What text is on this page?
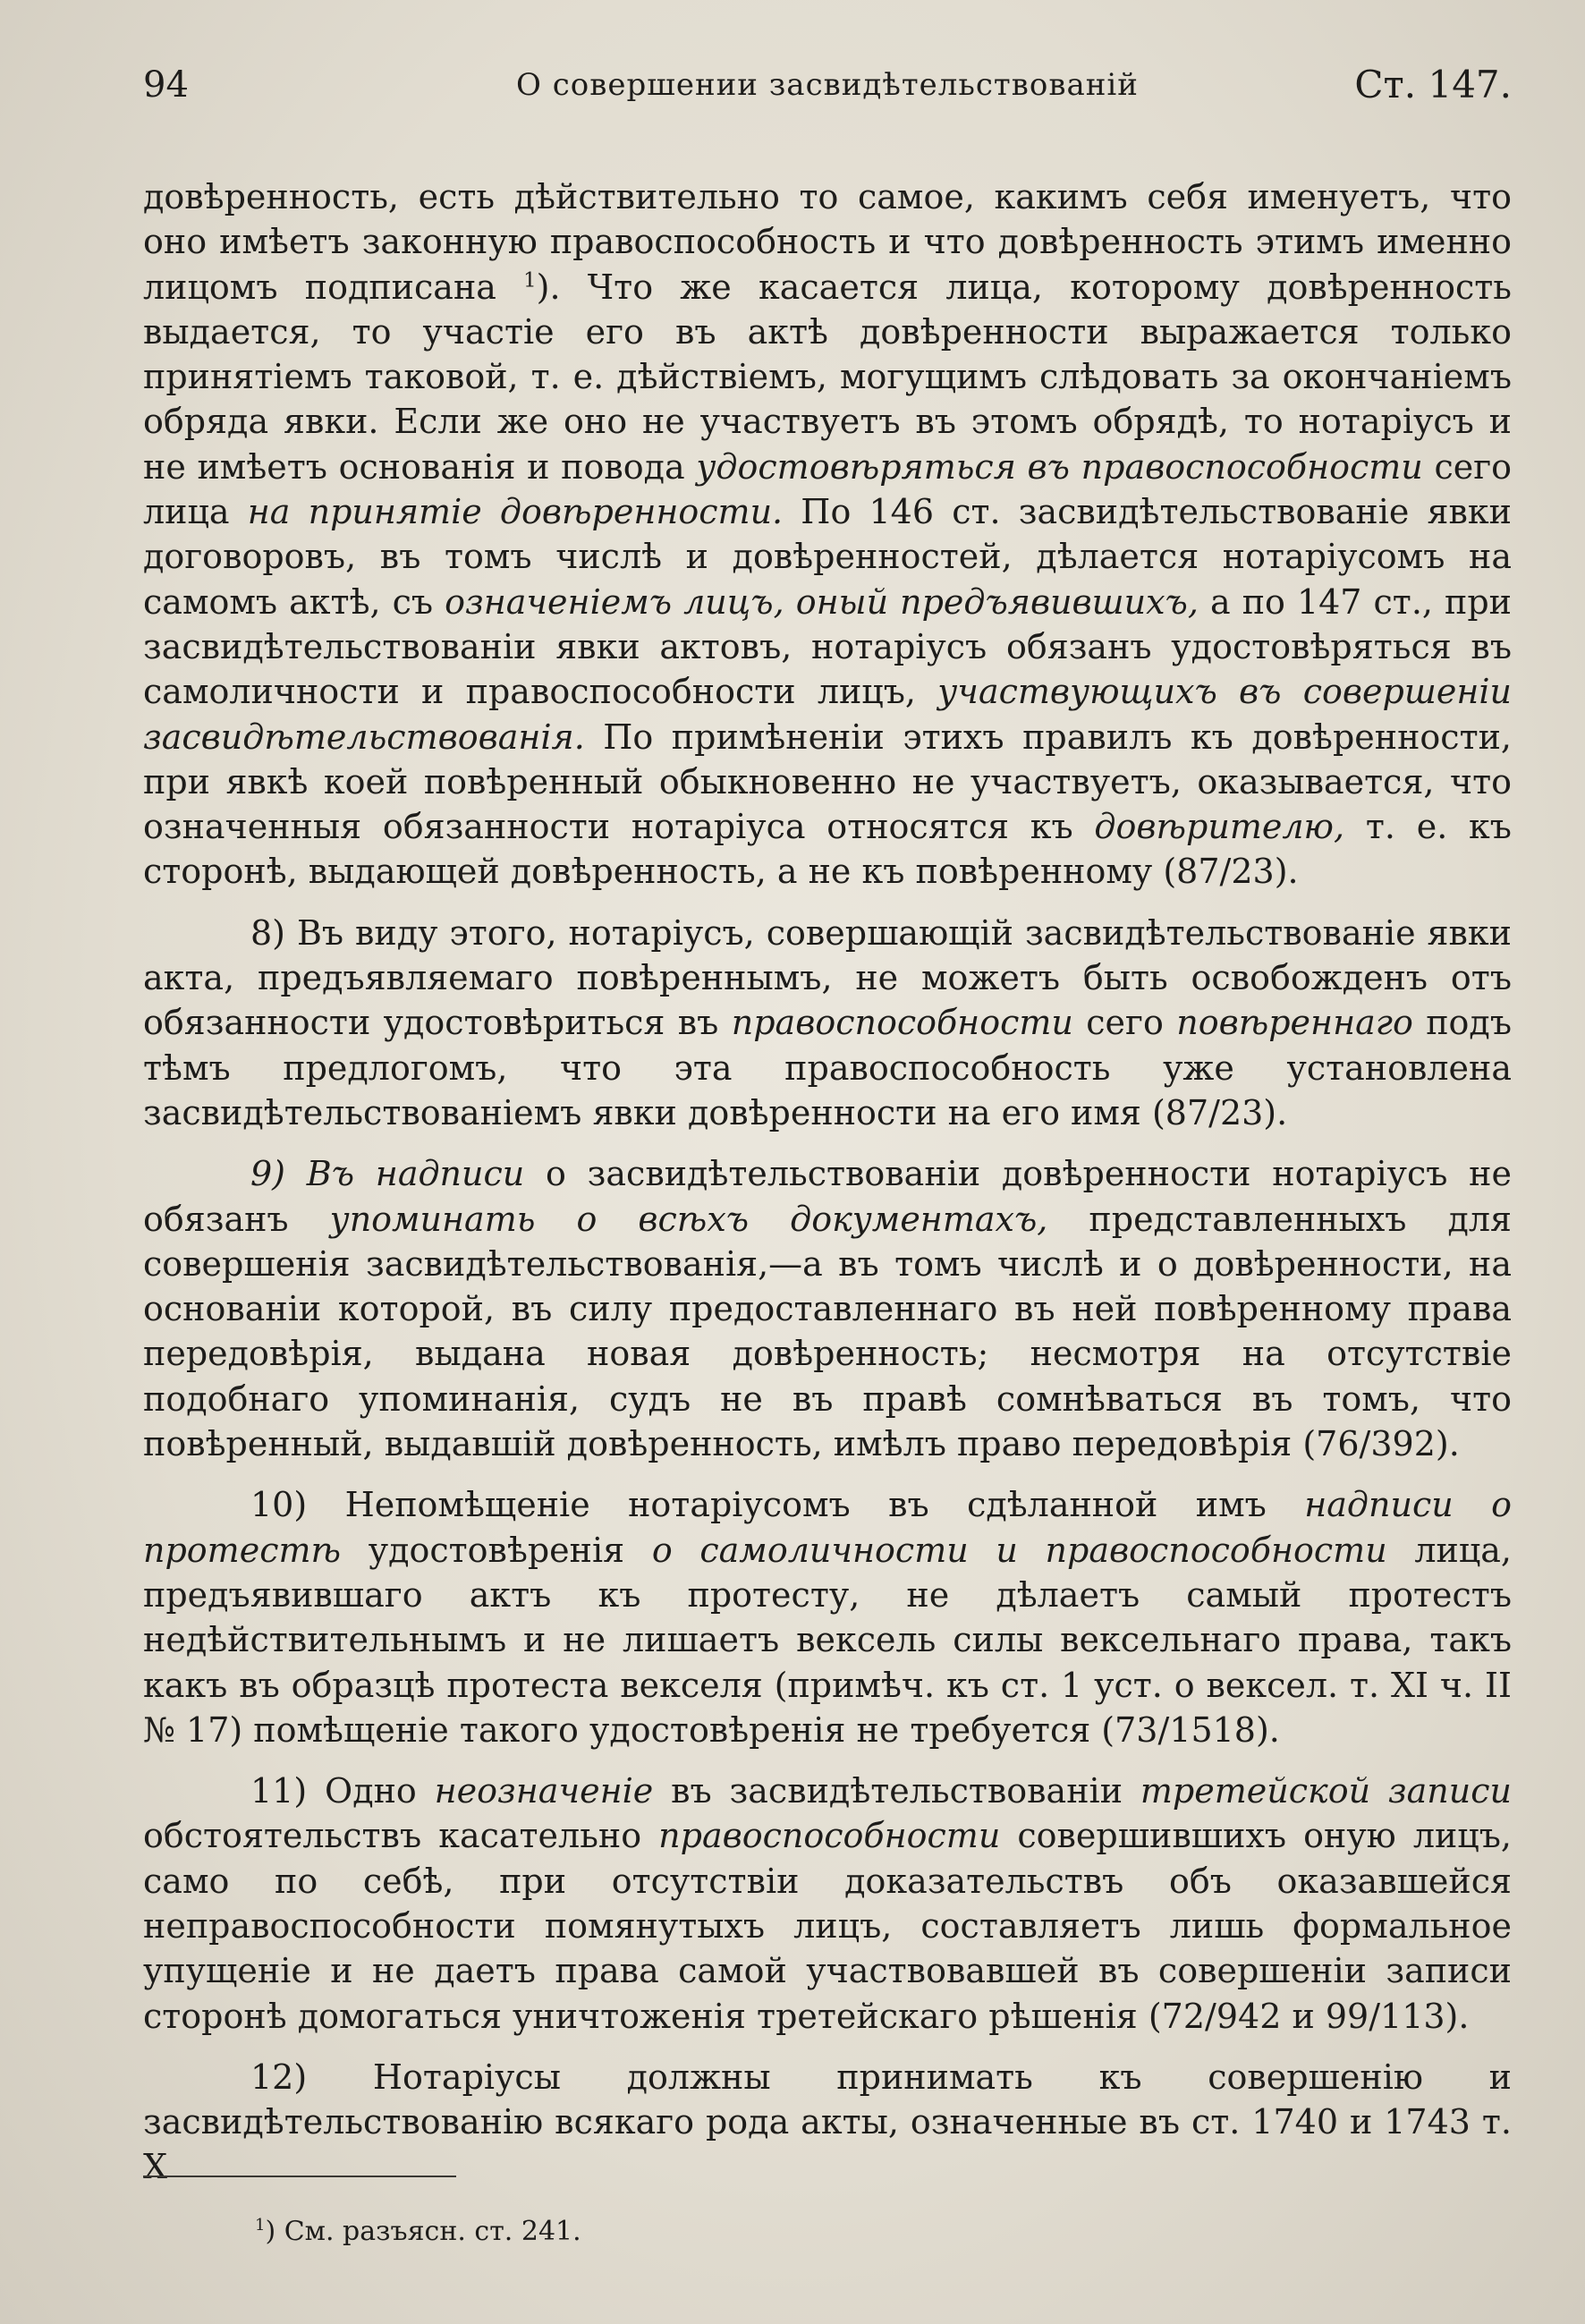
94	О совершении засвидѣтельствованій	Ст. 147.

довѣренность, есть дѣйствительно то самое, какимъ себя именуетъ, что оно имѣетъ законную правоспособность и что довѣренность этимъ именно лицомъ подписана $^1$). Что же касается лица, которому довѣренность выдается, то участіе его въ актѣ довѣренности выражается только принятіемъ таковой, т. е. дѣйствіемъ, могущимъ слѣдовать за окончаніемъ обряда явки. Если же оно не участвуетъ въ этомъ обрядѣ, то нотаріусъ и не имѣетъ основанія и повода удостовѣряться въ правоспособности сего лица на принятіе довѣренности. По 146 ст. засвидѣтельствованіе явки договоровъ, въ томъ числѣ и довѣренностей, дѣлается нотаріусомъ на самомъ актѣ, съ означеніемъ лицъ, оный предъявившихъ, а по 147 ст., при засвидѣтельствованіи явки актовъ, нотаріусъ обязанъ удостовѣряться въ самоличности и правоспособности лицъ, участвующихъ въ совершеніи засвидѣтельствованія. По примѣненіи этихъ правилъ къ довѣренности, при явкѣ коей повѣренный обыкновенно не участвуетъ, оказывается, что означенныя обязанности нотаріуса относятся къ довѣрителю, т. е. къ сторонѣ, выдающей довѣренность, а не къ повѣренному (87/23).

8) Въ виду этого, нотаріусъ, совершающій засвидѣтельствованіе явки акта, предъявляемаго повѣреннымъ, не можетъ быть освобожденъ отъ обязанности удостовѣриться въ правоспособности сего повѣреннаго подъ тѣмъ предлогомъ, что эта правоспособность уже установлена засвидѣтельствованіемъ явки довѣренности на его имя (87/23).

9) Въ надписи о засвидѣтельствованіи довѣренности нотаріусъ не обязанъ упоминать о всѣхъ документахъ, представленныхъ для совершенія засвидѣтельствованія,—а въ томъ числѣ и о довѣренности, на основаніи которой, въ силу предоставленнаго въ ней повѣренному права передовѣрія, выдана новая довѣренность; несмотря на отсутствіе подобнаго упоминанія, судъ не въ правѣ сомнѣваться въ томъ, что повѣренный, выдавшій довѣренность, имѣлъ право передовѣрія (76/392).

10) Непомѣщеніе нотаріусомъ въ сдѣланной имъ надписи о протестѣ удостовѣренія о самоличности и правоспособности лица, предъявившаго актъ къ протесту, не дѣлаетъ самый протестъ недѣйствительнымъ и не лишаетъ вексель силы вексельнаго права, такъ какъ въ образцѣ протеста векселя (примѣч. къ ст. 1 уст. о вексел. т. XI ч. II № 17) помѣщеніе такого удостовѣренія не требуется (73/1518).

11) Одно неозначеніе въ засвидѣтельствованіи третейской записи обстоятельствъ касательно правоспособности совершившихъ оную лицъ, само по себѣ, при отсутствіи доказательствъ объ оказавшейся неправоспособности помянутыхъ лицъ, составляетъ лишь формальное упущеніе и не даетъ права самой участвовавшей въ совершеніи записи сторонѣ домогаться уничтоженія третейскаго рѣшенія (72/942 и 99/113).

12) Нотаріусы должны принимать къ совершенію и засвидѣтельствованію всякаго рода акты, означенные въ ст. 1740 и 1743 т. Х

$^1$) См. разъясн. ст. 241.
